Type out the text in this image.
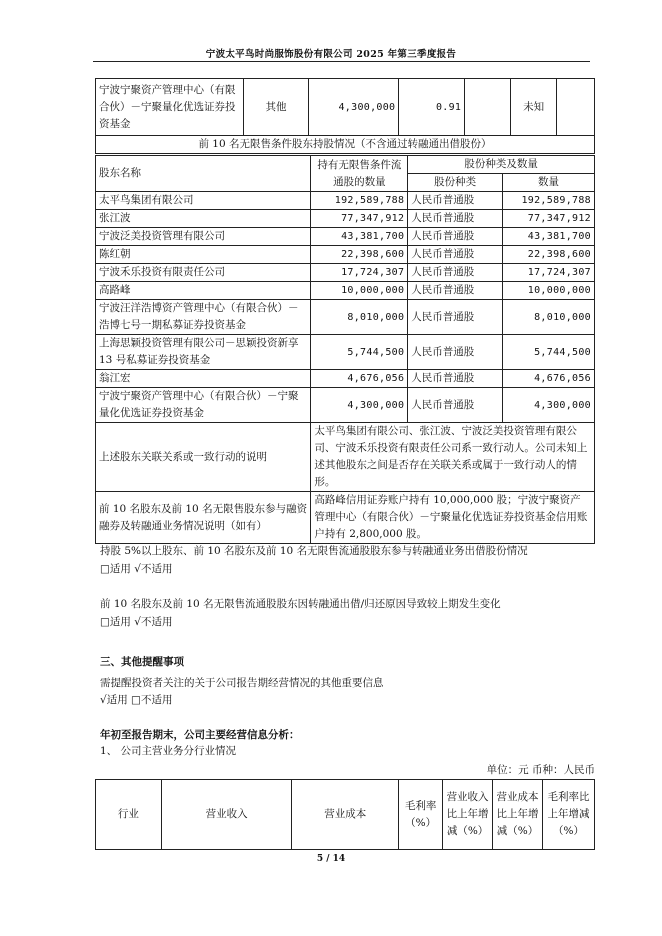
宁波太平鸟时尚服饰股份有限公司 2025 年第三季度报告
宁波宁聚资产管理中心（有限合伙）－宁聚量化优选证券投资基金	其他	4,300,000	0.91		未知	
前 10 名无限售条件股东持股情况（不含通过转融通出借股份）
股东名称	持有无限售条件流通股的数量	股份种类及数量	
		股份种类	数量
太平鸟集团有限公司	192,589,788	人民币普通股	192,589,788
张江波	77,347,912	人民币普通股	77,347,912
宁波泛美投资管理有限公司	43,381,700	人民币普通股	43,381,700
陈红朝	22,398,600	人民币普通股	22,398,600
宁波禾乐投资有限责任公司	17,724,307	人民币普通股	17,724,307
高路峰	10,000,000	人民币普通股	10,000,000
宁波汪洋浩博资产管理中心（有限合伙）－浩博七号一期私募证券投资基金	8,010,000	人民币普通股	8,010,000
上海思颖投资管理有限公司－思颖投资新享 13 号私募证券投资基金	5,744,500	人民币普通股	5,744,500
翁江宏	4,676,056	人民币普通股	4,676,056
宁波宁聚资产管理中心（有限合伙）－宁聚量化优选证券投资基金	4,300,000	人民币普通股	4,300,000
上述股东关联关系或一致行动的说明	太平鸟集团有限公司、张江波、宁波泛美投资管理有限公司、宁波禾乐投资有限责任公司系一致行动人。公司未知上述其他股东之间是否存在关联关系或属于一致行动人的情形。		
前 10 名股东及前 10 名无限售股东参与融资融券及转融通业务情况说明（如有）	高路峰信用证券账户持有 10,000,000 股；宁波宁聚资产管理中心（有限合伙）－宁聚量化优选证券投资基金信用账户持有 2,800,000 股。		
持股 5%以上股东、前 10 名股东及前 10 名无限售流通股股东参与转融通业务出借股份情况
□适用 √不适用
前 10 名股东及前 10 名无限售流通股股东因转融通出借/归还原因导致较上期发生变化
□适用 √不适用
三、其他提醒事项
需提醒投资者关注的关于公司报告期经营情况的其他重要信息
√适用 □不适用
年初至报告期末，公司主要经营信息分析：
1、 公司主营业务分行业情况
单位：元 币种：人民币
行业	营业收入	营业成本	毛利率（%）	营业收入比上年增减（%）	营业成本比上年增减（%）	毛利率比上年增减（%）
5 / 14
